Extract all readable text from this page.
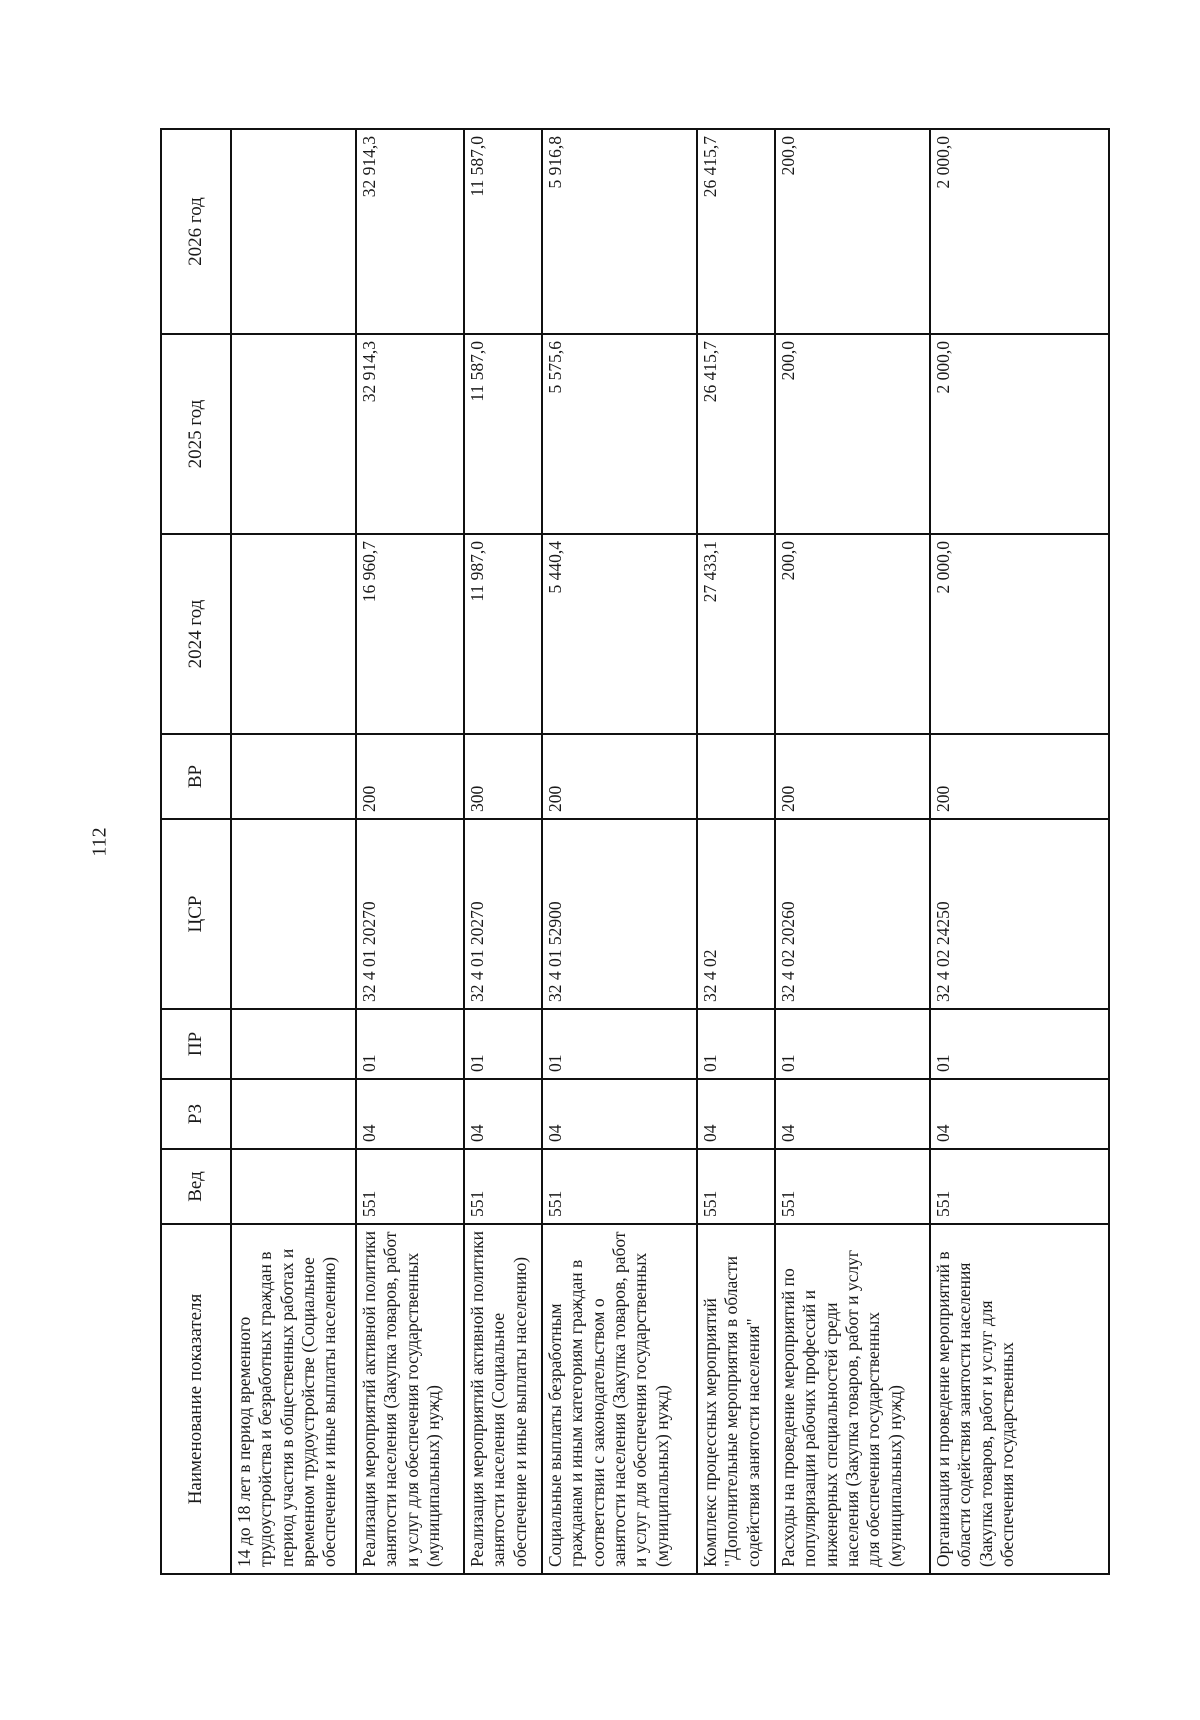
112
Наименование показателя	Вед	РЗ	ПР	ЦСР	ВР	2024 год	2025 год	2026 год
14 до 18 лет в период временного трудоустройства и безработных граждан в период участия в общественных работах и временном трудоустройстве (Социальное обеспечение и иные выплаты населению)								
Реализация мероприятий активной политики занятости населения (Закупка товаров, работ и услуг для обеспечения государственных (муниципальных) нужд)	551	04	01	32 4 01 20270	200	16 960,7	32 914,3	32 914,3
Реализация мероприятий активной политики занятости населения (Социальное обеспечение и иные выплаты населению)	551	04	01	32 4 01 20270	300	11 987,0	11 587,0	11 587,0
Социальные выплаты безработным гражданам и иным категориям граждан в соответствии с законодательством о занятости населения (Закупка товаров, работ и услуг для обеспечения государственных (муниципальных) нужд)	551	04	01	32 4 01 52900	200	5 440,4	5 575,6	5 916,8
Комплекс процессных мероприятий "Дополнительные мероприятия в области содействия занятости населения"	551	04	01	32 4 02		27 433,1	26 415,7	26 415,7
Расходы на проведение мероприятий по популяризации рабочих профессий и инженерных специальностей среди населения (Закупка товаров, работ и услуг для обеспечения государственных (муниципальных) нужд)	551	04	01	32 4 02 20260	200	200,0	200,0	200,0
Организация и проведение мероприятий в области содействия занятости населения (Закупка товаров, работ и услуг для обеспечения государственных	551	04	01	32 4 02 24250	200	2 000,0	2 000,0	2 000,0
